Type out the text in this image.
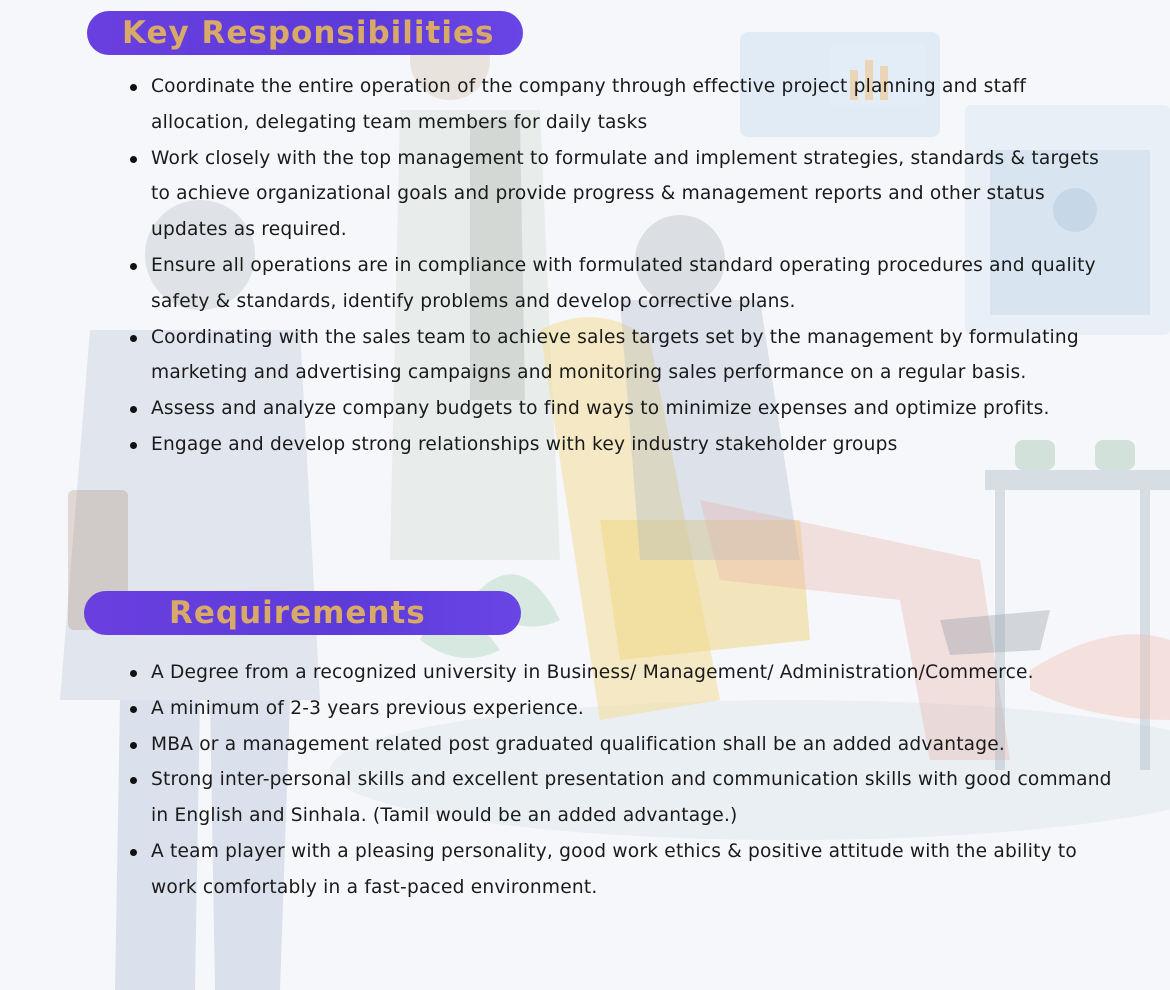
Key Responsibilities
Coordinate the entire operation of the company through effective project planning and staff allocation, delegating team members for daily tasks
Work closely with the top management to formulate and implement strategies, standards & targets to achieve organizational goals and provide progress & management reports and other status updates as required.
Ensure all operations are in compliance with formulated standard operating procedures and quality safety & standards, identify problems and develop corrective plans.
Coordinating with the sales team to achieve sales targets set by the management by formulating marketing and advertising campaigns and monitoring sales performance on a regular basis.
Assess and analyze company budgets to find ways to minimize expenses and optimize profits.
Engage and develop strong relationships with key industry stakeholder groups
Requirements
A Degree from a recognized university in Business/ Management/ Administration/Commerce.
A minimum of 2-3 years previous experience.
MBA or a management related post graduated qualification shall be an added advantage.
Strong inter-personal skills and excellent presentation and communication skills with good command in English and Sinhala. (Tamil would be an added advantage.)
A team player with a pleasing personality, good work ethics & positive attitude with the ability to work comfortably in a fast-paced environment.
